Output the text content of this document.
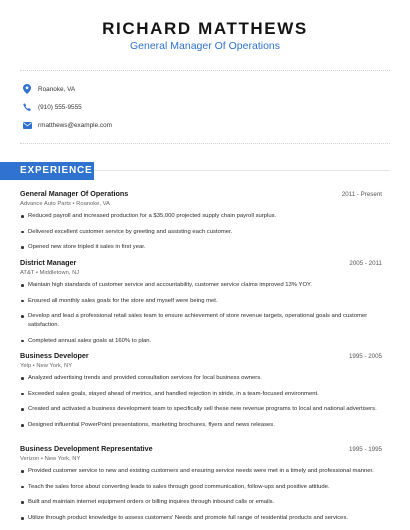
RICHARD MATTHEWS
General Manager Of Operations
Roanoke, VA
(910) 555-9555
rmatthews@example.com
EXPERIENCE
General Manager Of Operations	2011 - Present
Advance Auto Parts • Roanoke, VA
Reduced payroll and increased production for a $35,000 projected supply chain payroll surplus.
Delivered excellent customer service by greeting and assisting each customer.
Opened new store tripled it sales in first year.
District Manager	2005 - 2011
AT&T • Middletown, NJ
Maintain high standards of customer service and accountability, customer service claims improved 13% YOY.
Ensured all monthly sales goals for the store and myself were being met.
Develop and lead a professional retail sales team to ensure achievement of store revenue targets, operational goals and customer satisfaction.
Completed annual sales goals at 160% to plan.
Business Developer	1995 - 2005
Yelp • New York, NY
Analyzed advertising trends and provided consultation services for local business owners.
Exceeded sales goals, stayed ahead of metrics, and handled rejection in stride, in a team-focused environment.
Created and activated a business development team to specifically sell these new revenue programs to local and national advertisers.
Designed influential PowerPoint presentations, marketing brochures, flyers and news releases.
Business Development Representative	1995 - 1995
Verizon • New York, NY
Provided customer service to new and existing customers and ensuring service needs were met in a timely and professional manner.
Teach the sales force about converting leads to sales through good communication, follow-ups and positive attitude.
Built and maintain internet equipment orders or billing inquires through inbound calls or emails.
Utilize through product knowledge to assess customers' Needs and promote full range of residential products and services.
